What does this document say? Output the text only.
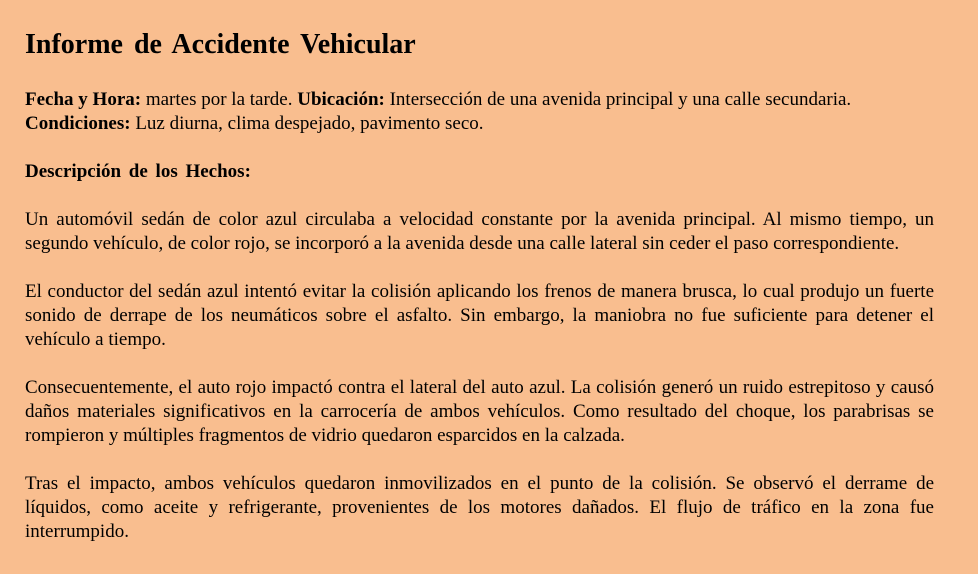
Informe de Accidente Vehicular
Fecha y Hora: martes por la tarde. Ubicación: Intersección de una avenida principal y una calle secundaria.
Condiciones: Luz diurna, clima despejado, pavimento seco.
Descripción de los Hechos:
Un automóvil sedán de color azul circulaba a velocidad constante por la avenida principal. Al mismo tiempo, un segundo vehículo, de color rojo, se incorporó a la avenida desde una calle lateral sin ceder el paso correspondiente.
El conductor del sedán azul intentó evitar la colisión aplicando los frenos de manera brusca, lo cual produjo un fuerte sonido de derrape de los neumáticos sobre el asfalto. Sin embargo, la maniobra no fue suficiente para detener el vehículo a tiempo.
Consecuentemente, el auto rojo impactó contra el lateral del auto azul. La colisión generó un ruido estrepitoso y causó daños materiales significativos en la carrocería de ambos vehículos. Como resultado del choque, los parabrisas se rompieron y múltiples fragmentos de vidrio quedaron esparcidos en la calzada.
Tras el impacto, ambos vehículos quedaron inmovilizados en el punto de la colisión. Se observó el derrame de líquidos, como aceite y refrigerante, provenientes de los motores dañados. El flujo de tráfico en la zona fue interrumpido.
